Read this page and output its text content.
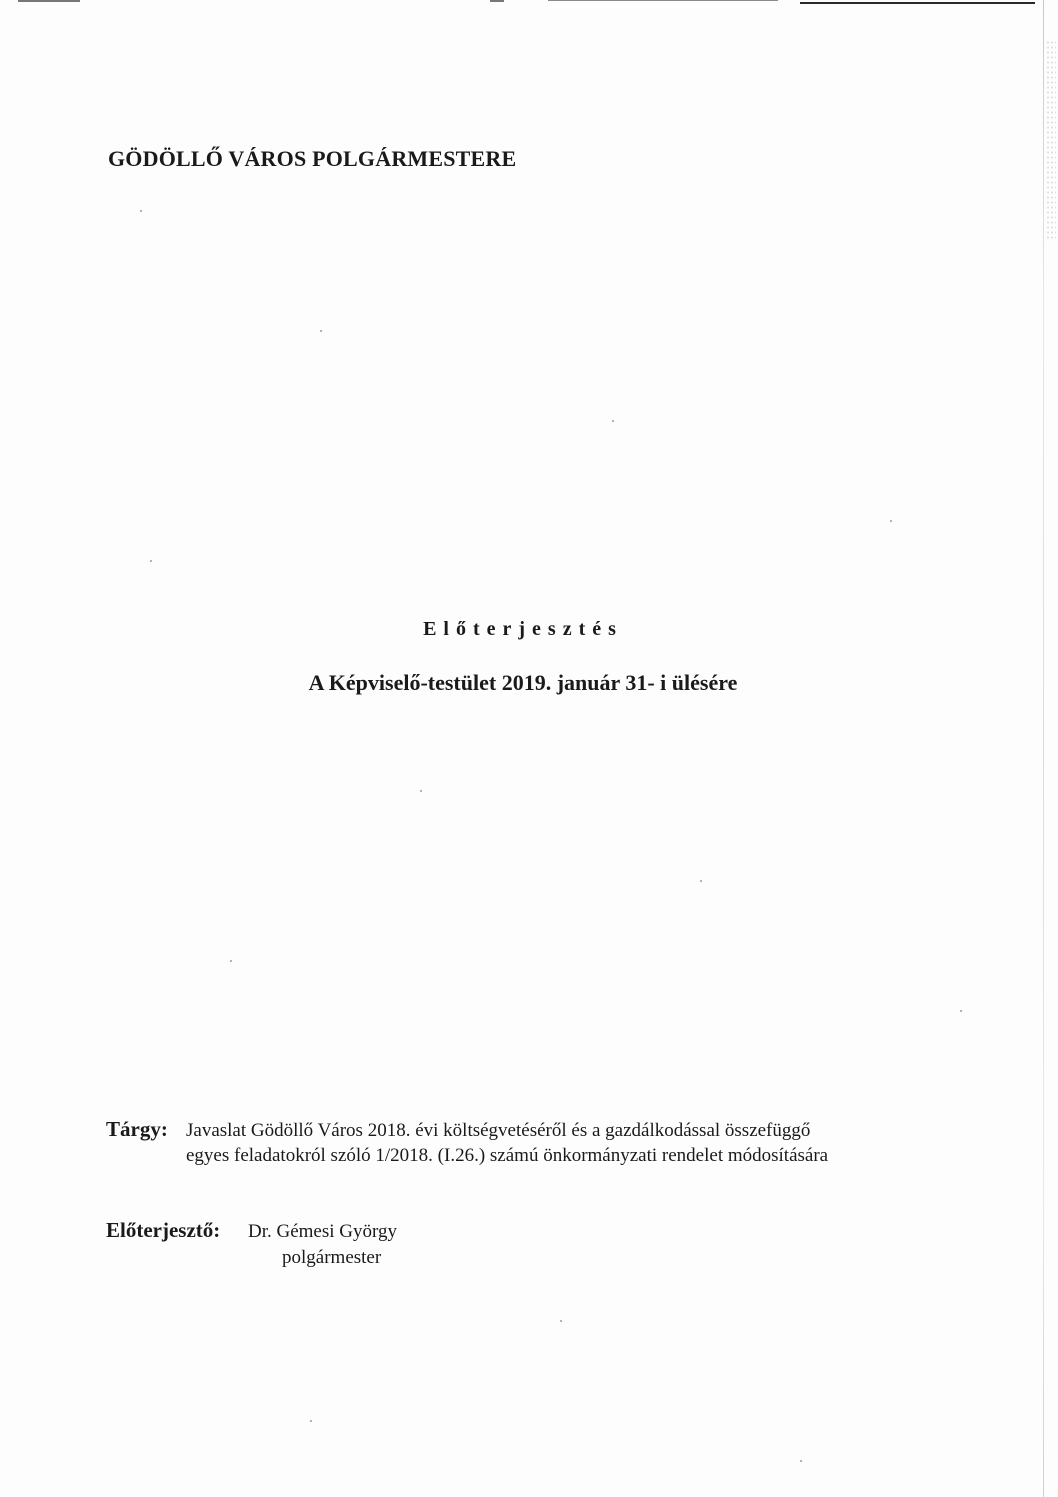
GÖDÖLLŐ VÁROS POLGÁRMESTERE
Előterjesztés
A Képviselő-testület 2019. január 31- i ülésére
Tárgy: Javaslat Gödöllő Város 2018. évi költségvetéséről és a gazdálkodással összefüggő
egyes feladatokról szóló 1/2018. (I.26.) számú önkormányzati rendelet módosítására
Előterjesztő: Dr. Gémesi György
polgármester
